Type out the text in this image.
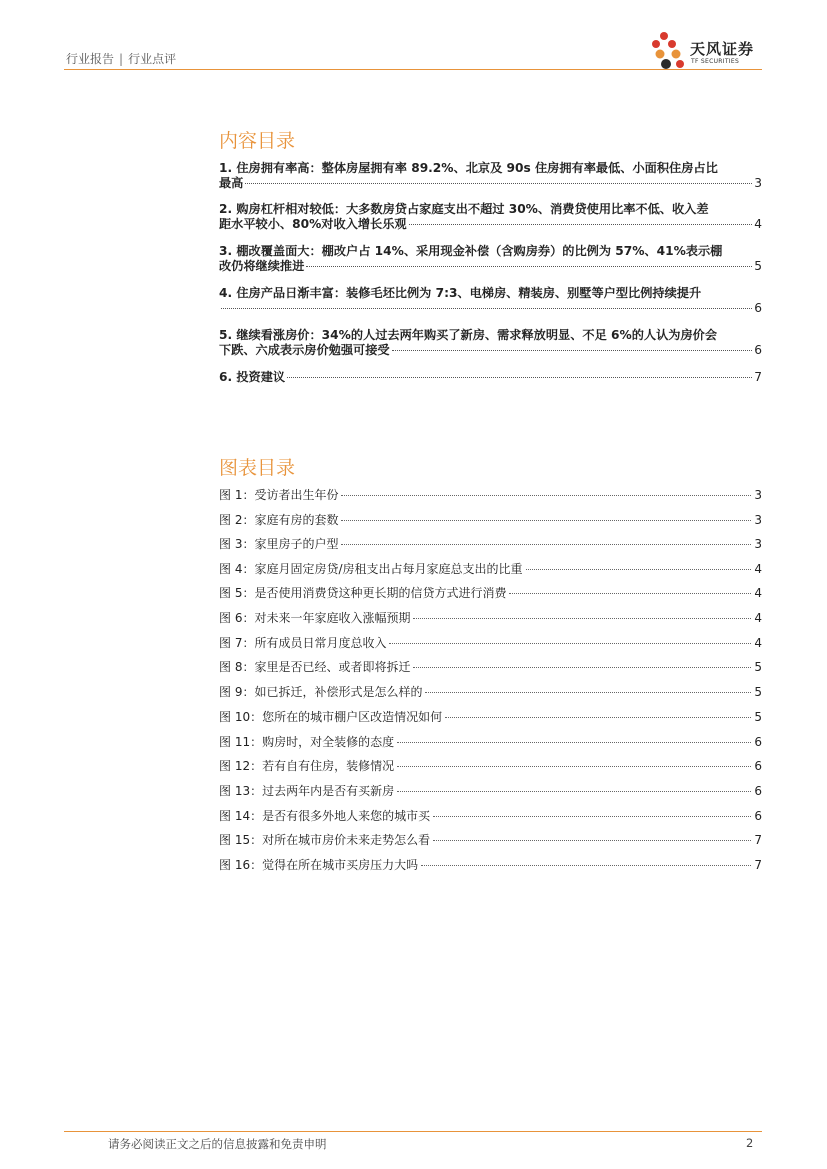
行业报告 | 行业点评
天风证券
TF SECURITIES
内容目录
1. 住房拥有率高：整体房屋拥有率 89.2%、北京及 90s 住房拥有率最低、小面积住房占比
最高	3
2. 购房杠杆相对较低：大多数房贷占家庭支出不超过 30%、消费贷使用比率不低、收入差
距水平较小、80%对收入增长乐观	4
3. 棚改覆盖面大：棚改户占 14%、采用现金补偿（含购房券）的比例为 57%、41%表示棚
改仍将继续推进	5
4. 住房产品日渐丰富：装修毛坯比例为 7:3、电梯房、精装房、别墅等户型比例持续提升
6
5. 继续看涨房价：34%的人过去两年购买了新房、需求释放明显、不足 6%的人认为房价会
下跌、六成表示房价勉强可接受	6
6. 投资建议	7
图表目录
图 1：受访者出生年份	3
图 2：家庭有房的套数	3
图 3：家里房子的户型	3
图 4：家庭月固定房贷/房租支出占每月家庭总支出的比重	4
图 5：是否使用消费贷这种更长期的信贷方式进行消费	4
图 6：对未来一年家庭收入涨幅预期	4
图 7：所有成员日常月度总收入	4
图 8：家里是否已经、或者即将拆迁	5
图 9：如已拆迁，补偿形式是怎么样的	5
图 10：您所在的城市棚户区改造情况如何	5
图 11：购房时，对全装修的态度	6
图 12：若有自有住房，装修情况	6
图 13：过去两年内是否有买新房	6
图 14：是否有很多外地人来您的城市买	6
图 15：对所在城市房价未来走势怎么看	7
图 16：觉得在所在城市买房压力大吗	7
请务必阅读正文之后的信息披露和免责申明	2
